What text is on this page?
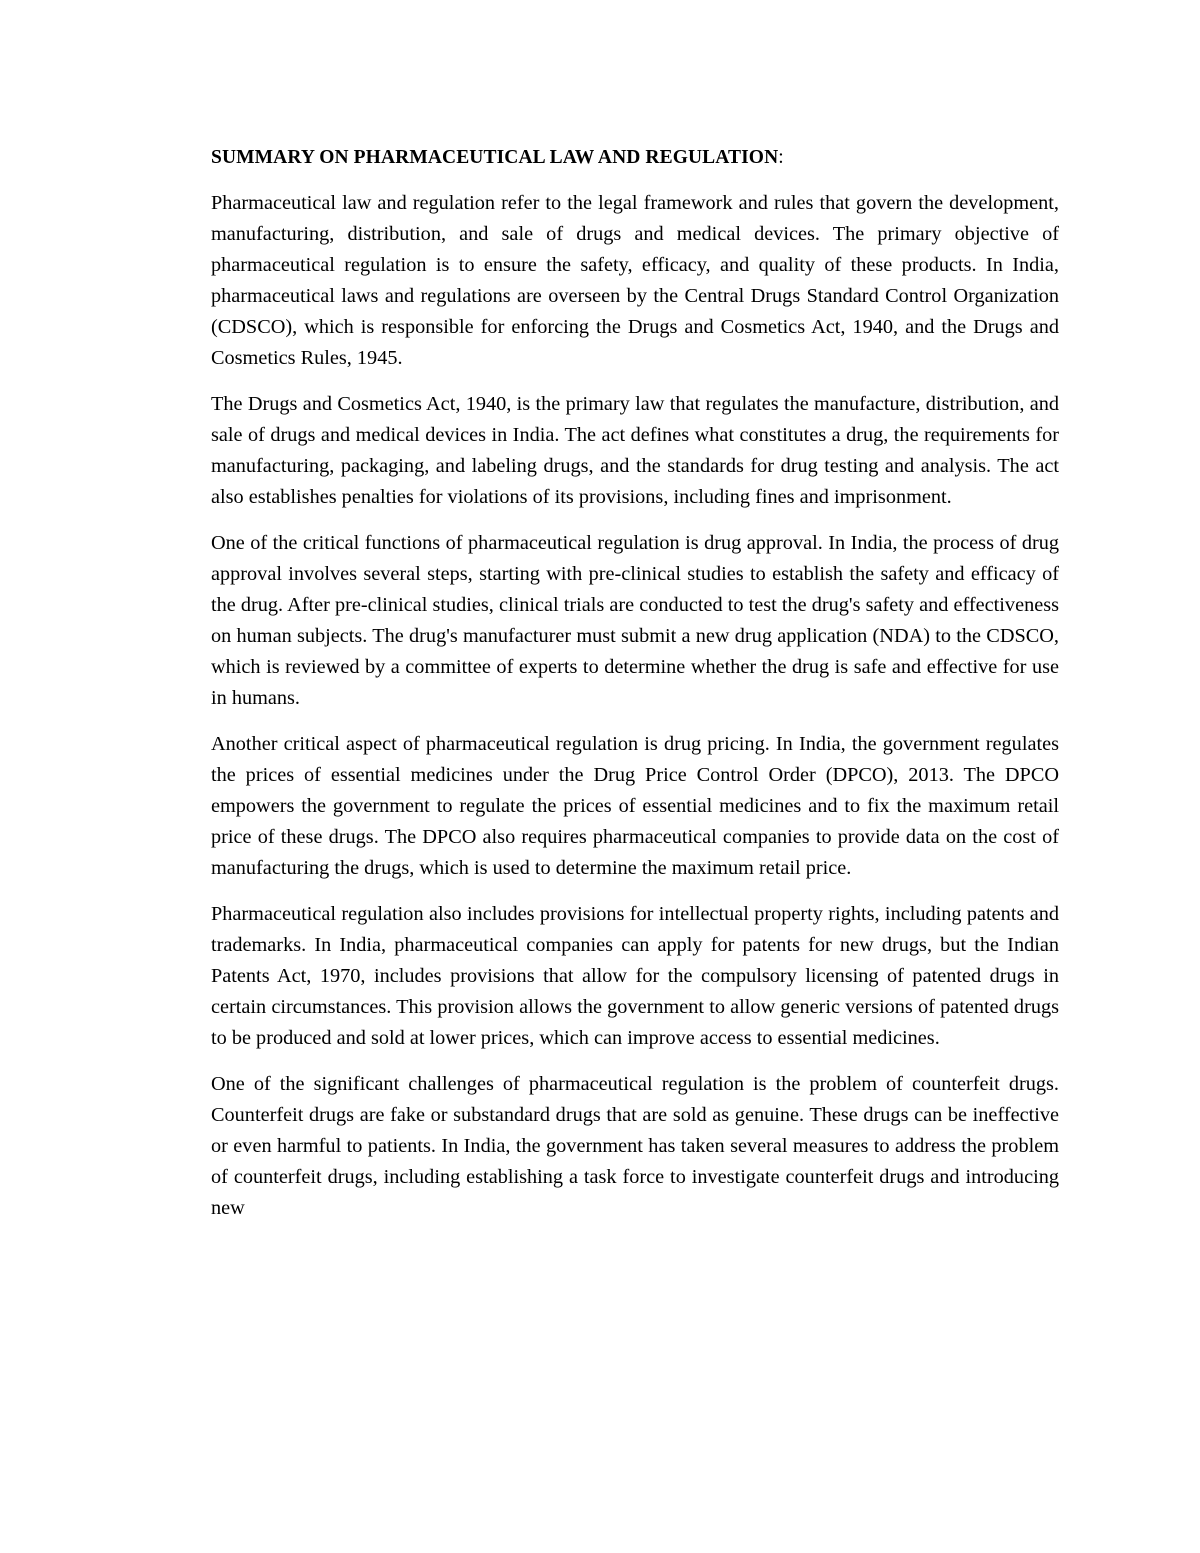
SUMMARY ON PHARMACEUTICAL LAW AND REGULATION:

Pharmaceutical law and regulation refer to the legal framework and rules that govern the development, manufacturing, distribution, and sale of drugs and medical devices. The primary objective of pharmaceutical regulation is to ensure the safety, efficacy, and quality of these products. In India, pharmaceutical laws and regulations are overseen by the Central Drugs Standard Control Organization (CDSCO), which is responsible for enforcing the Drugs and Cosmetics Act, 1940, and the Drugs and Cosmetics Rules, 1945.

The Drugs and Cosmetics Act, 1940, is the primary law that regulates the manufacture, distribution, and sale of drugs and medical devices in India. The act defines what constitutes a drug, the requirements for manufacturing, packaging, and labeling drugs, and the standards for drug testing and analysis. The act also establishes penalties for violations of its provisions, including fines and imprisonment.

One of the critical functions of pharmaceutical regulation is drug approval. In India, the process of drug approval involves several steps, starting with pre-clinical studies to establish the safety and efficacy of the drug. After pre-clinical studies, clinical trials are conducted to test the drug's safety and effectiveness on human subjects. The drug's manufacturer must submit a new drug application (NDA) to the CDSCO, which is reviewed by a committee of experts to determine whether the drug is safe and effective for use in humans.

Another critical aspect of pharmaceutical regulation is drug pricing. In India, the government regulates the prices of essential medicines under the Drug Price Control Order (DPCO), 2013. The DPCO empowers the government to regulate the prices of essential medicines and to fix the maximum retail price of these drugs. The DPCO also requires pharmaceutical companies to provide data on the cost of manufacturing the drugs, which is used to determine the maximum retail price.

Pharmaceutical regulation also includes provisions for intellectual property rights, including patents and trademarks. In India, pharmaceutical companies can apply for patents for new drugs, but the Indian Patents Act, 1970, includes provisions that allow for the compulsory licensing of patented drugs in certain circumstances. This provision allows the government to allow generic versions of patented drugs to be produced and sold at lower prices, which can improve access to essential medicines.

One of the significant challenges of pharmaceutical regulation is the problem of counterfeit drugs. Counterfeit drugs are fake or substandard drugs that are sold as genuine. These drugs can be ineffective or even harmful to patients. In India, the government has taken several measures to address the problem of counterfeit drugs, including establishing a task force to investigate counterfeit drugs and introducing new
